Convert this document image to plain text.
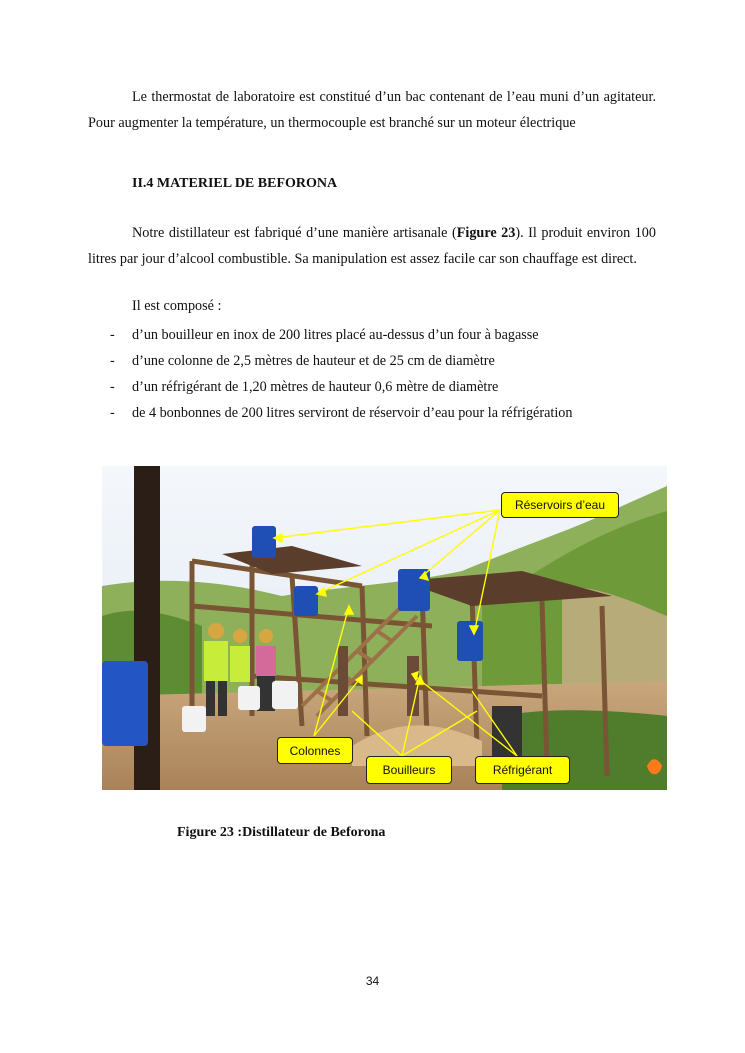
Le thermostat de laboratoire est constitué d’un bac contenant de l’eau muni d’un agitateur. Pour augmenter la température, un thermocouple est branché sur un moteur électrique

II.4 MATERIEL DE BEFORONA

Notre distillateur est fabriqué d’une manière artisanale (Figure 23). Il produit environ 100 litres par jour d’alcool combustible. Sa manipulation est assez facile car son chauffage est direct.

Il est composé :

- d’un bouilleur en inox de 200 litres placé au-dessus d’un four à bagasse
- d’une colonne de 2,5 mètres de hauteur et de 25 cm de diamètre
- d’un réfrigérant de 1,20 mètres de hauteur 0,6 mètre de diamètre
- de 4 bonbonnes de 200 litres serviront de réservoir d’eau pour la réfrigération
Réservoirs d’eau
Colonnes
Bouilleurs	Réfrigérant

Figure 23 :Distillateur de Beforona

34
